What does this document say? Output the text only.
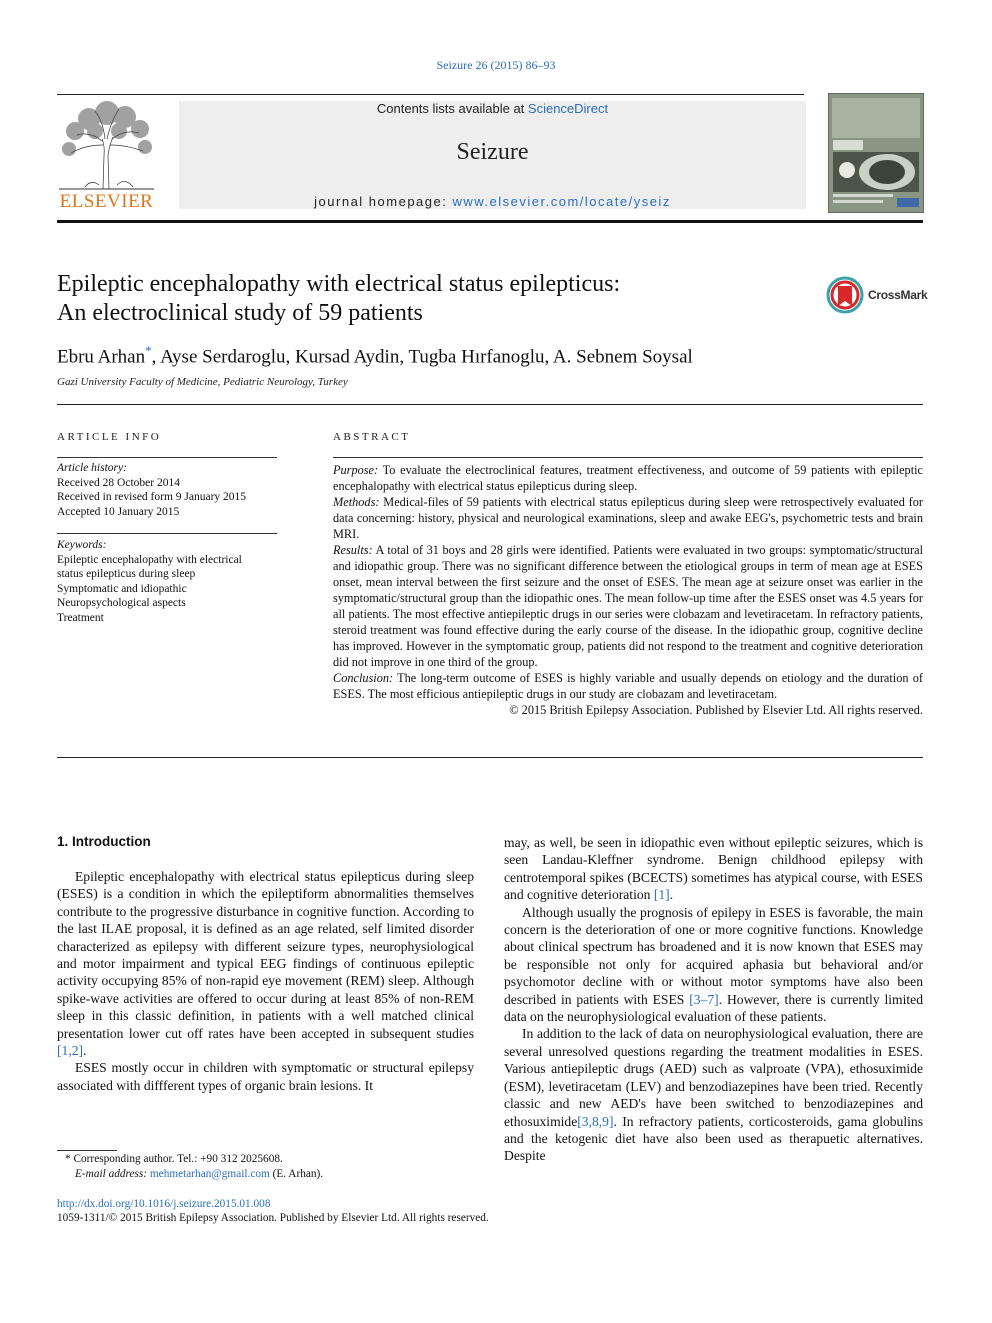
Seizure 26 (2015) 86–93
ELSEVIER
Contents lists available at ScienceDirect
Seizure
journal homepage: www.elsevier.com/locate/yseiz
Epileptic encephalopathy with electrical status epilepticus:
An electroclinical study of 59 patients
CrossMark
Ebru Arhan*, Ayse Serdaroglu, Kursad Aydin, Tugba Hırfanoglu, A. Sebnem Soysal
Gazi University Faculty of Medicine, Pediatric Neurology, Turkey
ARTICLE INFO
Article history:
Received 28 October 2014
Received in revised form 9 January 2015
Accepted 10 January 2015
Keywords:
Epileptic encephalopathy with electrical
status epilepticus during sleep
Symptomatic and idiopathic
Neuropsychological aspects
Treatment
ABSTRACT

Purpose: To evaluate the electroclinical features, treatment effectiveness, and outcome of 59 patients with epileptic encephalopathy with electrical status epilepticus during sleep.

Methods: Medical-files of 59 patients with electrical status epilepticus during sleep were retrospectively evaluated for data concerning: history, physical and neurological examinations, sleep and awake EEG's, psychometric tests and brain MRI.

Results: A total of 31 boys and 28 girls were identified. Patients were evaluated in two groups: symptomatic/structural and idiopathic group. There was no significant difference between the etiological groups in term of mean age at ESES onset, mean interval between the first seizure and the onset of ESES. The mean age at seizure onset was earlier in the symptomatic/structural group than the idiopathic ones. The mean follow-up time after the ESES onset was 4.5 years for all patients. The most effective antiepileptic drugs in our series were clobazam and levetiracetam. In refractory patients, steroid treatment was found effective during the early course of the disease. In the idiopathic group, cognitive decline has improved. However in the symptomatic group, patients did not respond to the treatment and cognitive deterioration did not improve in one third of the group.

Conclusion: The long-term outcome of ESES is highly variable and usually depends on etiology and the duration of ESES. The most efficious antiepileptic drugs in our study are clobazam and levetiracetam.

© 2015 British Epilepsy Association. Published by Elsevier Ltd. All rights reserved.

1. Introduction

Epileptic encephalopathy with electrical status epilepticus during sleep (ESES) is a condition in which the epileptiform abnormalities themselves contribute to the progressive disturbance in cognitive function. According to the last ILAE proposal, it is defined as an age related, self limited disorder characterized as epilepsy with different seizure types, neurophysiological and motor impairment and typical EEG findings of continuous epileptic activity occupying 85% of non-rapid eye movement (REM) sleep. Although spike-wave activities are offered to occur during at least 85% of non-REM sleep in this classic definition, in patients with a well matched clinical presentation lower cut off rates have been accepted in subsequent studies [1,2].

ESES mostly occur in children with symptomatic or structural epilepsy associated with diffferent types of organic brain lesions. It

may, as well, be seen in idiopathic even without epileptic seizures, which is seen Landau-Kleffner syndrome. Benign childhood epilepsy with centrotemporal spikes (BCECTS) sometimes has atypical course, with ESES and cognitive deterioration [1].

Although usually the prognosis of epilepy in ESES is favorable, the main concern is the deterioration of one or more cognitive functions. Knowledge about clinical spectrum has broadened and it is now known that ESES may be responsible not only for acquired aphasia but behavioral and/or psychomotor decline with or without motor symptoms have also been described in patients with ESES [3–7]. However, there is currently limited data on the neurophysiological evaluation of these patients.

In addition to the lack of data on neurophysiological evaluation, there are several unresolved questions regarding the treatment modalities in ESES. Various antiepileptic drugs (AED) such as valproate (VPA), ethosuximide (ESM), levetiracetam (LEV) and benzodiazepines have been tried. Recently classic and new AED's have been switched to benzodiazepines and ethosuximide[3,8,9]. In refractory patients, corticosteroids, gama globulins and the ketogenic diet have also been used as therapuetic alternatives. Despite

* Corresponding author. Tel.: +90 312 2025608.
E-mail address: mehmetarhan@gmail.com (E. Arhan).
http://dx.doi.org/10.1016/j.seizure.2015.01.008
1059-1311/© 2015 British Epilepsy Association. Published by Elsevier Ltd. All rights reserved.
